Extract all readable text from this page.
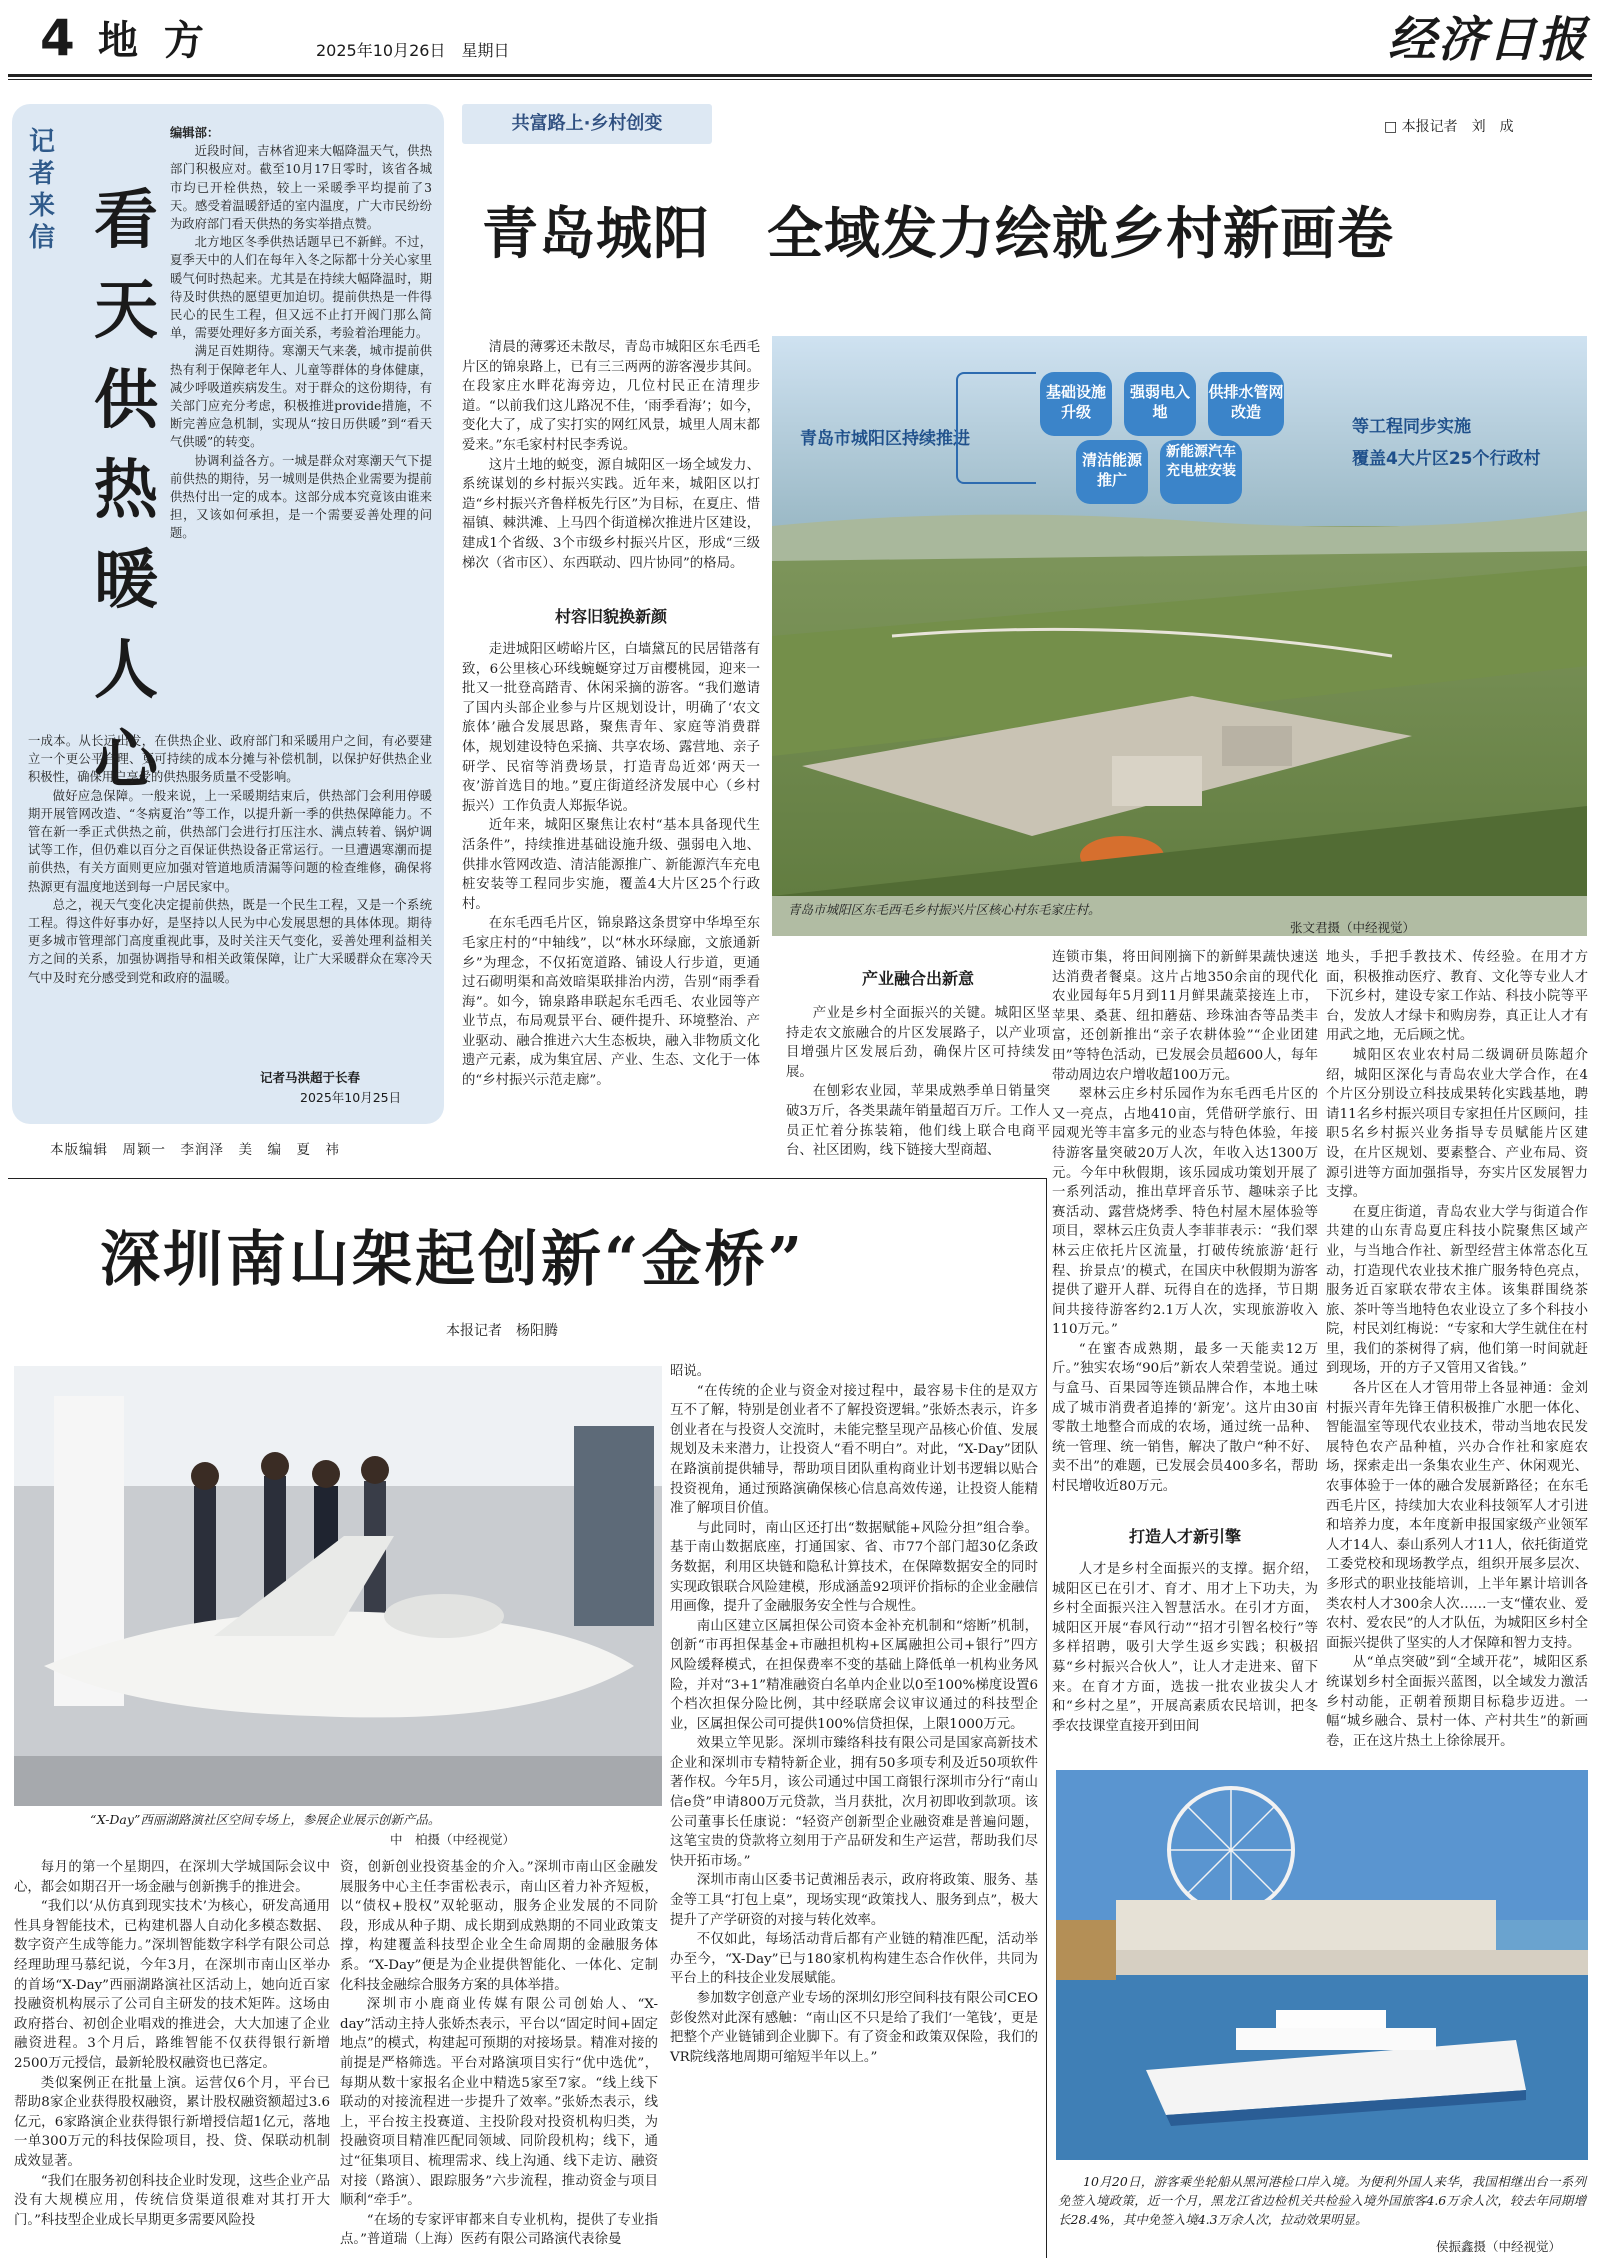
4 地 方	2025年10月26日　星期日	经济日报
记者来信 看
天
供
热
暖
人
心

编辑部：

近段时间，吉林省迎来大幅降温天气，供热部门积极应对。截至10月17日零时，该省各城市均已开栓供热，较上一采暖季平均提前了3天。感受着温暖舒适的室内温度，广大市民纷纷为政府部门看天供热的务实举措点赞。

北方地区冬季供热话题早已不新鲜。不过，夏季天中的人们在每年入冬之际都十分关心家里暖气何时热起来。尤其是在持续大幅降温时，期待及时供热的愿望更加迫切。提前供热是一件得民心的民生工程，但又远不止打开阀门那么简单，需要处理好多方面关系，考验着治理能力。

满足百姓期待。寒潮天气来袭，城市提前供热有利于保障老年人、儿童等群体的身体健康，减少呼吸道疾病发生。对于群众的这份期待，有关部门应充分考虑，积极推进provide措施，不断完善应急机制，实现从“按日历供暖”到“看天气供暖”的转变。

协调利益各方。一城是群众对寒潮天气下提前供热的期待，另一城则是供热企业需要为提前供热付出一定的成本。这部分成本究竟该由谁来担，又该如何承担，是一个需要妥善处理的问题。

一成本。从长远出发，在供热企业、政府部门和采暖用户之间，有必要建立一个更公平合理、更可持续的成本分摊与补偿机制，以保护好供热企业积极性，确保用户享受的供热服务质量不受影响。

做好应急保障。一般来说，上一采暖期结束后，供热部门会利用停暖期开展管网改造、“冬病夏治”等工作，以提升新一季的供热保障能力。不管在新一季正式供热之前，供热部门会进行打压注水、满点转着、锅炉调试等工作，但仍难以百分之百保证供热设备正常运行。一旦遭遇寒潮而提前供热，有关方面则更应加强对管道地质清漏等问题的检查维修，确保将热源更有温度地送到每一户居民家中。

总之，视天气变化决定提前供热，既是一个民生工程，又是一个系统工程。得这件好事办好，是坚持以人民为中心发展思想的具体体现。期待更多城市管理部门高度重视此事，及时关注天气变化，妥善处理利益相关方之间的关系，加强协调指导和相关政策保障，让广大采暖群众在寒冷天气中及时充分感受到党和政府的温暖。

记者马洪超于长春
2025年10月25日
本版编辑　周颖一　李润泽　美　编　夏　祎
共富路上·乡村创变	□ 本报记者　刘　成
青岛城阳　全域发力绘就乡村新画卷

清晨的薄雾还未散尽，青岛市城阳区东毛西毛片区的锦泉路上，已有三三两两的游客漫步其间。在段家庄水畔花海旁边，几位村民正在清理步道。“以前我们这儿路况不佳，‘雨季看海’；如今，变化大了，成了实打实的网红风景，城里人周末都爱来。”东毛家村村民李秀说。

这片土地的蜕变，源自城阳区一场全域发力、系统谋划的乡村振兴实践。近年来，城阳区以打造“乡村振兴齐鲁样板先行区”为目标，在夏庄、惜福镇、棘洪滩、上马四个街道梯次推进片区建设，建成1个省级、3个市级乡村振兴片区，形成“三级梯次（省市区）、东西联动、四片协同”的格局。

村容旧貌换新颜

走进城阳区崂峪片区，白墙黛瓦的民居错落有致，6公里核心环线蜿蜒穿过万亩樱桃园，迎来一批又一批登高踏青、休闲采摘的游客。“我们邀请了国内头部企业参与片区规划设计，明确了‘农文旅体’融合发展思路，聚焦青年、家庭等消费群体，规划建设特色采摘、共享农场、露营地、亲子研学、民宿等消费场景，打造青岛近郊‘两天一夜’游首选目的地。”夏庄街道经济发展中心（乡村振兴）工作负责人郑振华说。

近年来，城阳区聚焦让农村“基本具备现代生活条件”，持续推进基础设施升级、强弱电入地、供排水管网改造、清洁能源推广、新能源汽车充电桩安装等工程同步实施，覆盖4大片区25个行政村。

在东毛西毛片区，锦泉路这条贯穿中华埠至东毛家庄村的“中轴线”，以“林水环绿廊，文旅通新乡”为理念，不仅拓宽道路、铺设人行步道，更通过石砌明渠和高效暗渠联排治内涝，告别“雨季看海”。如今，锦泉路串联起东毛西毛、农业园等产业节点，布局观景平台、硬件提升、环境整治、产业驱动、融合推进六大生态板块，融入非物质文化遗产元素，成为集宜居、产业、生态、文化于一体的“乡村振兴示范走廊”。

青岛市城阳区持续推进
基础设施升级
强弱电入地
供排水管网改造
清洁能源推广
新能源汽车充电桩安装
等工程同步实施
覆盖4大片区25个行政村
青岛市城阳区东毛西毛乡村振兴片区核心村东毛家庄村。
张文君摄（中经视觉）
产业融合出新意

产业是乡村全面振兴的关键。城阳区坚持走农文旅融合的片区发展路子，以产业项目增强片区发展后劲，确保片区可持续发展。

在刨彩农业园，苹果成熟季单日销量突破3万斤，各类果蔬年销量超百万斤。工作人员正忙着分拣装箱，他们线上联合电商平台、社区团购，线下链接大型商超、

连锁市集，将田间刚摘下的新鲜果蔬快速送达消费者餐桌。这片占地350余亩的现代化农业园每年5月到11月鲜果蔬菜接连上市，苹果、桑葚、纽扣蘑菇、珍珠油杏等品类丰富，还创新推出“亲子农耕体验”“企业团建田”等特色活动，已发展会员超600人，每年带动周边农户增收超100万元。

翠林云庄乡村乐园作为东毛西毛片区的又一亮点，占地410亩，凭借研学旅行、田园观光等丰富多元的业态与特色体验，年接待游客量突破20万人次，年收入达1300万元。今年中秋假期，该乐园成功策划开展了一系列活动，推出草坪音乐节、趣味亲子比赛活动、露营烧烤季、特色村屋木屋体验等项目，翠林云庄负责人李菲菲表示：“我们翠林云庄依托片区流量，打破传统旅游‘赶行程、拚景点’的模式，在国庆中秋假期为游客提供了避开人群、玩得自在的选择，节日期间共接待游客约2.1万人次，实现旅游收入110万元。”

“在蜜杏成熟期，最多一天能卖12万斤。”独实农场“90后”新农人荣碧莹说。通过与盒马、百果园等连锁品牌合作，本地土味成了城市消费者追捧的‘新宠’。这片由30亩零散土地整合而成的农场，通过统一品种、统一管理、统一销售，解决了散户“种不好、卖不出”的难题，已发展会员400多名，帮助村民增收近80万元。

打造人才新引擎

人才是乡村全面振兴的支撑。据介绍，城阳区已在引才、育才、用才上下功夫，为乡村全面振兴注入智慧活水。在引才方面，城阳区开展“春风行动”“招才引智名校行”等多样招聘，吸引大学生返乡实践；积极招募“乡村振兴合伙人”，让人才走进来、留下来。在育才方面，选拔一批农业拔尖人才和“乡村之星”，开展高素质农民培训，把冬季农技课堂直接开到田间

地头，手把手教技术、传经验。在用才方面，积极推动医疗、教育、文化等专业人才下沉乡村，建设专家工作站、科技小院等平台，发放人才绿卡和购房券，真正让人才有用武之地，无后顾之忧。

城阳区农业农村局二级调研员陈超介绍，城阳区深化与青岛农业大学合作，在4个片区分别设立科技成果转化实践基地，聘请11名乡村振兴项目专家担任片区顾问，挂职5名乡村振兴业务指导专员赋能片区建设，在片区规划、要素整合、产业布局、资源引进等方面加强指导，夯实片区发展智力支撑。

在夏庄街道，青岛农业大学与街道合作共建的山东青岛夏庄科技小院聚焦区域产业，与当地合作社、新型经营主体常态化互动，打造现代农业技术推广服务特色亮点，服务近百家联农带农主体。该集群围绕茶旅、茶叶等当地特色农业设立了多个科技小院，村民刘红梅说：“专家和大学生就住在村里，我们的茶树得了病，他们第一时间就赶到现场，开的方子又管用又省钱。”

各片区在人才管用带上各显神通：金刘村振兴青年先锋王倩积极推广水肥一体化、智能温室等现代农业技术，带动当地农民发展特色农产品种植，兴办合作社和家庭农场，探索走出一条集农业生产、休闲观光、农事体验于一体的融合发展新路径；在东毛西毛片区，持续加大农业科技领军人才引进和培养力度，本年度新申报国家级产业领军人才14人、泰山系列人才11人，依托街道党工委党校和现场教学点，组织开展多层次、多形式的职业技能培训，上半年累计培训各类农村人才300余人次……一支“懂农业、爱农村、爱农民”的人才队伍，为城阳区乡村全面振兴提供了坚实的人才保障和智力支持。

从“单点突破”到“全域开花”，城阳区系统谋划乡村全面振兴蓝图，以全域发力激活乡村动能，正朝着预期目标稳步迈进。一幅“城乡融合、景村一体、产村共生”的新画卷，正在这片热土上徐徐展开。

深圳南山架起创新“金桥”
本报记者　杨阳腾
“X-Day”西丽湖路演社区空间专场上，参展企业展示创新产品。
中　柏摄（中经视觉）

每月的第一个星期四，在深圳大学城国际会议中心，都会如期召开一场金融与创新携手的推进会。

“我们以‘从仿真到现实技术’为核心，研发高通用性具身智能技术，已构建机器人自动化多模态数据、数字资产生成等能力。”深圳智能数字科学有限公司总经理助理马慕纪说，今年3月，在深圳市南山区举办的首场“X-Day”西丽湖路演社区活动上，她向近百家投融资机构展示了公司自主研发的技术矩阵。这场由政府搭台、初创企业唱戏的推进会，大大加速了企业融资进程。3个月后，路维智能不仅获得银行新增2500万元授信，最新轮股权融资也已落定。

类似案例正在批量上演。运营仅6个月，平台已帮助8家企业获得股权融资，累计股权融资额超过3.6亿元，6家路演企业获得银行新增授信超1亿元，落地一单300万元的科技保险项目，投、贷、保联动机制成效显著。

“我们在服务初创科技企业时发现，这些企业产品没有大规模应用，传统信贷渠道很难对其打开大门。”科技型企业成长早期更多需要风险投

资，创新创业投资基金的介入。”深圳市南山区金融发展服务中心主任李雷松表示，南山区着力补齐短板，以“债权+股权”双轮驱动，服务企业发展的不同阶段，形成从种子期、成长期到成熟期的不同业政策支撑，构建覆盖科技型企业全生命周期的金融服务体系。“X-Day”便是为企业提供智能化、一体化、定制化科技金融综合服务方案的具体举措。

深圳市小鹿商业传媒有限公司创始人、“X-day”活动主持人张娇杰表示，平台以“固定时间+固定地点”的模式，构建起可预期的对接场景。精准对接的前提是严格筛选。平台对路演项目实行“优中选优”，每期从数十家报名企业中精选5家至7家。“线上线下联动的对接流程进一步提升了效率。”张娇杰表示，线上，平台按主投赛道、主投阶段对投资机构归类，为投融资项目精准匹配同领域、同阶段机构；线下，通过“征集项目、梳理需求、线上沟通、线下走访、融资对接（路演）、跟踪服务”六步流程，推动资金与项目顺利“牵手”。

“在场的专家评审都来自专业机构，提供了专业指点。”普道瑞（上海）医药有限公司路演代表徐曼

昭说。

“在传统的企业与资金对接过程中，最容易卡住的是双方互不了解，特别是创业者不了解投资逻辑。”张娇杰表示，许多创业者在与投资人交流时，未能完整呈现产品核心价值、发展规划及未来潜力，让投资人“看不明白”。对此，“X-Day”团队在路演前提供辅导，帮助项目团队重构商业计划书逻辑以贴合投资视角，通过预路演确保核心信息高效传递，让投资人能精准了解项目价值。

与此同时，南山区还打出“数据赋能+风险分担”组合拳。基于南山数据底座，打通国家、省、市77个部门超30亿条政务数据，利用区块链和隐私计算技术，在保障数据安全的同时实现政银联合风险建模，形成涵盖92项评价指标的企业金融信用画像，提升了金融服务安全性与合规性。

南山区建立区属担保公司资本金补充机制和“熔断”机制，创新“市再担保基金+市融担机构+区属融担公司+银行”四方风险缓释模式，在担保费率不变的基础上降低单一机构业务风险，并对“3+1”精准融资白名单内企业以0至100%梯度设置6个档次担保分险比例，其中经联席会议审议通过的科技型企业，区属担保公司可提供100%信贷担保，上限1000万元。

效果立竿见影。深圳市臻络科技有限公司是国家高新技术企业和深圳市专精特新企业，拥有50多项专利及近50项软件著作权。今年5月，该公司通过中国工商银行深圳市分行“南山信e贷”申请800万元贷款，当月获批，次月初即收到款项。该公司董事长任康说：“轻资产创新型企业融资难是普遍问题，这笔宝贵的贷款将立刻用于产品研发和生产运营，帮助我们尽快开拓市场。”

深圳市南山区委书记黄湘岳表示，政府将政策、服务、基金等工具“打包上桌”，现场实现“政策找人、服务到点”，极大提升了产学研资的对接与转化效率。

不仅如此，每场活动背后都有产业链的精准匹配，活动举办至今，“X-Day”已与180家机构构建生态合作伙伴，共同为平台上的科技企业发展赋能。

参加数字创意产业专场的深圳幻形空间科技有限公司CEO彭俊然对此深有感触：“南山区不只是给了我们‘一笔钱’，更是把整个产业链铺到企业脚下。有了资金和政策双保险，我们的VR院线落地周期可缩短半年以上。”

10月20日，游客乘坐轮船从黑河港检口岸入境。为便利外国人来华，我国相继出台一系列免签入境政策，近一个月，黑龙江省边检机关共检验入境外国旅客4.6万余人次，较去年同期增长28.4%，其中免签入境4.3万余人次，拉动效果明显。
侯振鑫摄（中经视觉）
